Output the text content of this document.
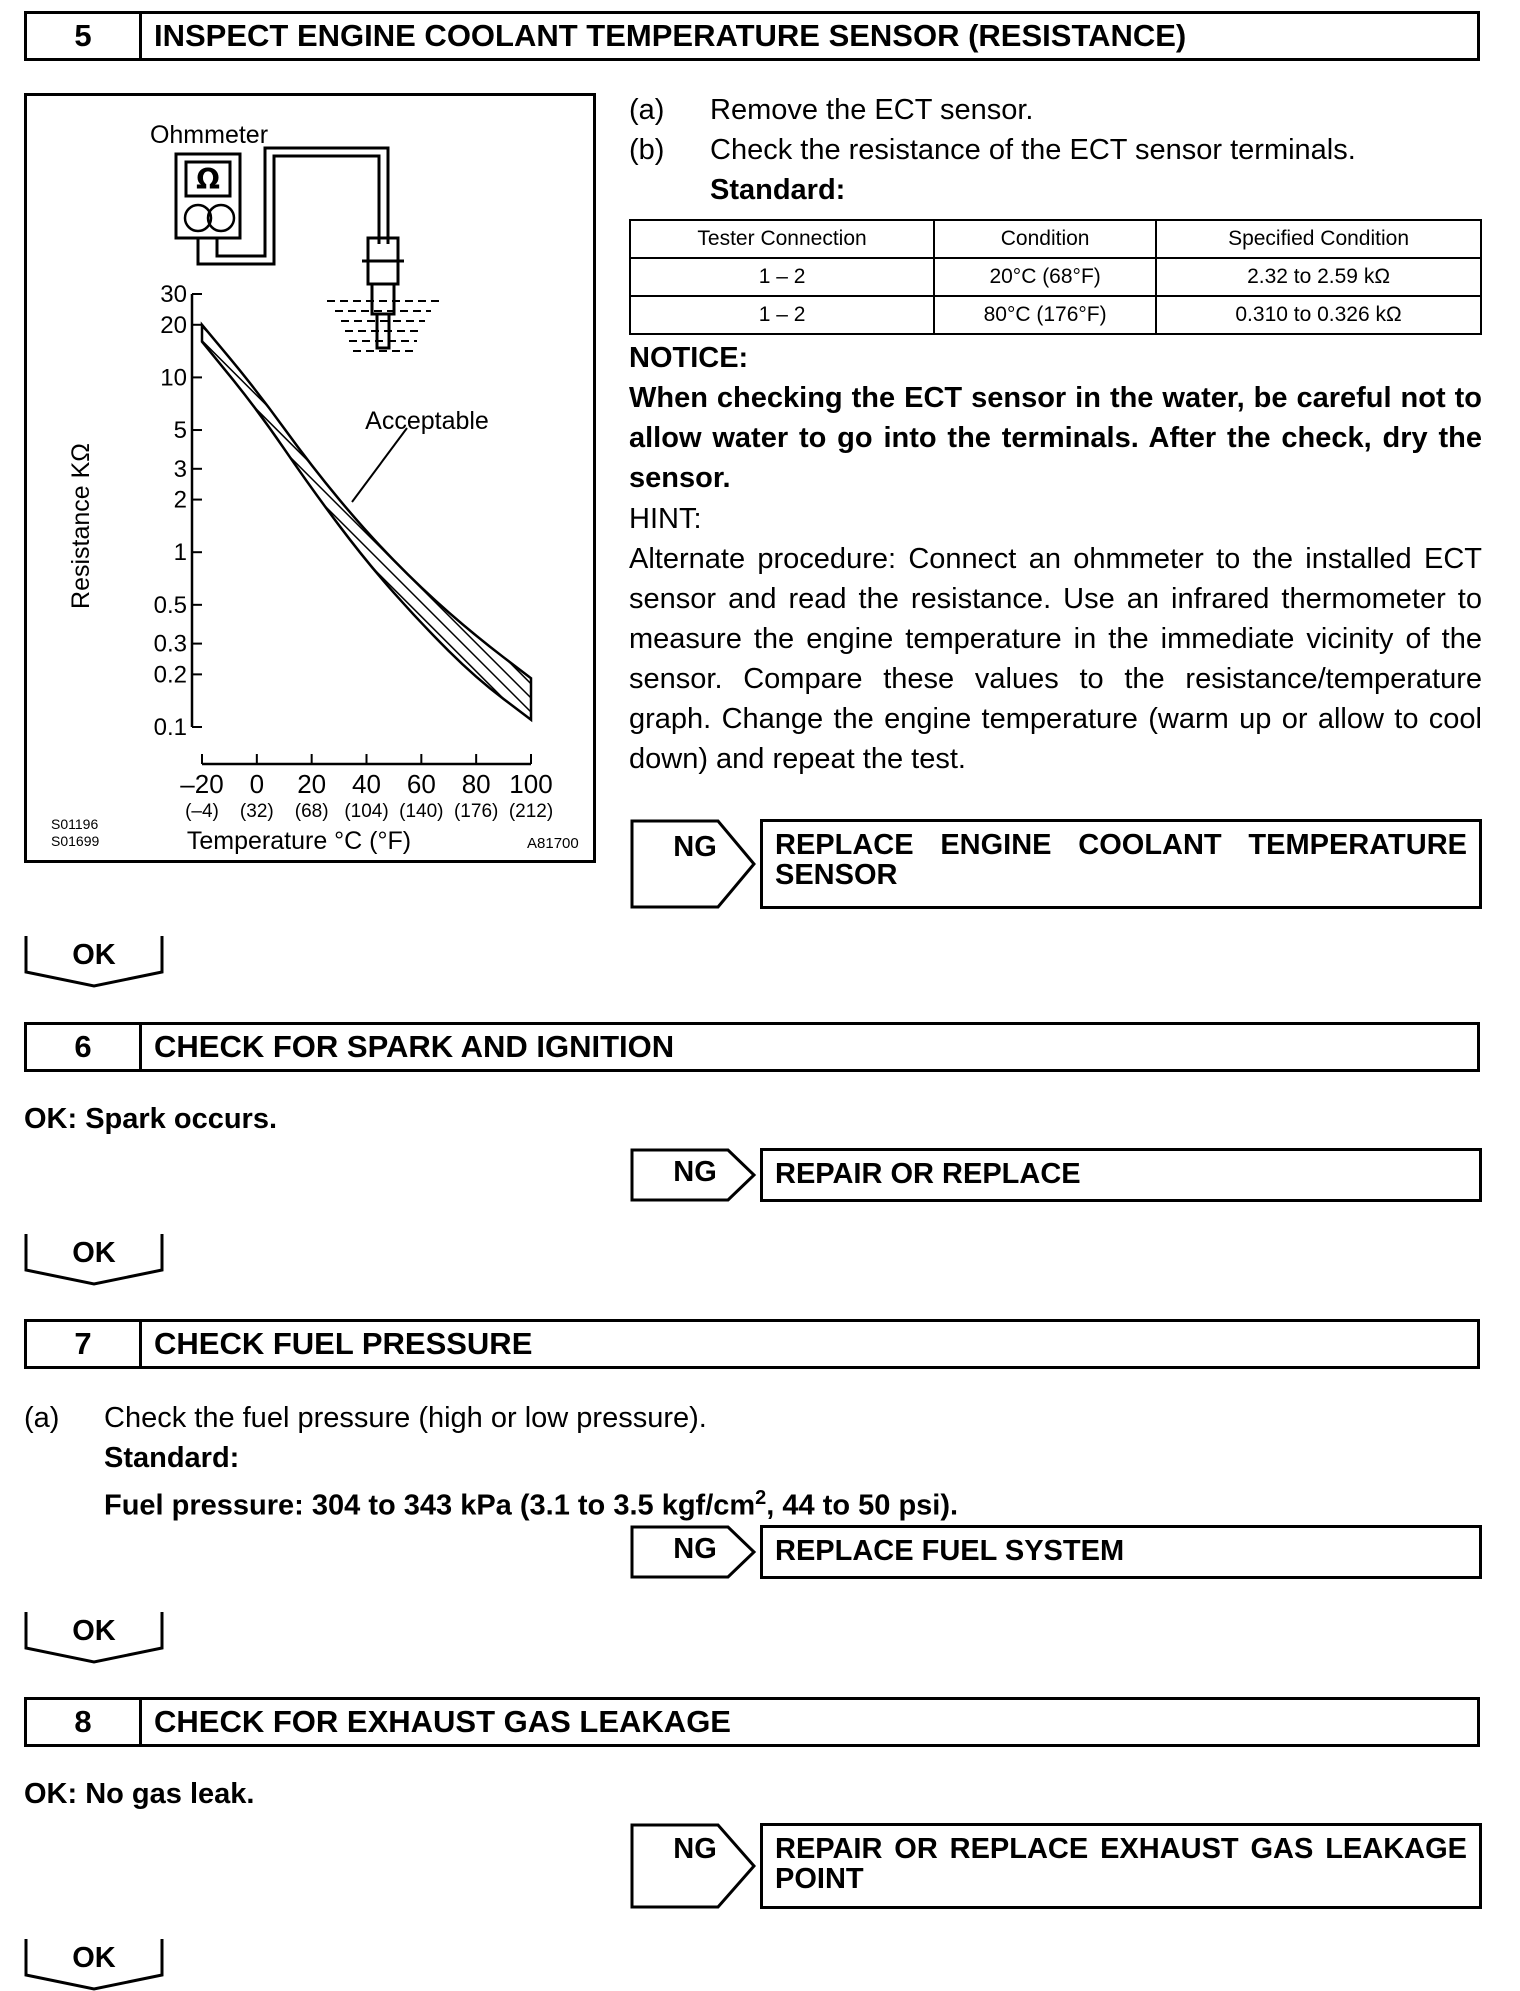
5	INSPECT ENGINE COOLANT TEMPERATURE SENSOR (RESISTANCE)
Ω
Ohmmeter
30
20
10
5
3
2
1
0.5
0.3
0.2
0.1
–20
(–4)
0
(32)
20
(68)
40
(104)
60
(140)
80
(176)
100
(212)
Acceptable
Resistance KΩ
Temperature °C (°F)
S01196
S01699	A81700
(a) Remove the ECT sensor.
(b) Check the resistance of the ECT sensor terminals.
Standard:
Tester Connection	Condition	Specified Condition
1 – 2	20°C (68°F)	2.32 to 2.59 kΩ
1 – 2	80°C (176°F)	0.310 to 0.326 kΩ
NOTICE:
When checking the ECT sensor in the water, be careful not to allow water to go into the terminals. After the check, dry the sensor.
HINT:
Alternate procedure: Connect an ohmmeter to the installed ECT sensor and read the resistance. Use an infrared thermometer to measure the engine temperature in the immediate vicinity of the sensor. Compare these values to the resistance/temperature graph. Change the engine temperature (warm up or allow to cool down) and repeat the test.
NG	REPLACE ENGINE COOLANT TEMPERATURE SENSOR
OK
6	CHECK FOR SPARK AND IGNITION
OK: Spark occurs.
NG	REPAIR OR REPLACE
OK
7	CHECK FUEL PRESSURE
(a) Check the fuel pressure (high or low pressure).
Standard:
Fuel pressure: 304 to 343 kPa (3.1 to 3.5 kgf/$cm^2$, 44 to 50 psi).
NG	REPLACE FUEL SYSTEM
OK
8	CHECK FOR EXHAUST GAS LEAKAGE
OK: No gas leak.
NG	REPAIR OR REPLACE EXHAUST GAS LEAKAGE POINT
OK
